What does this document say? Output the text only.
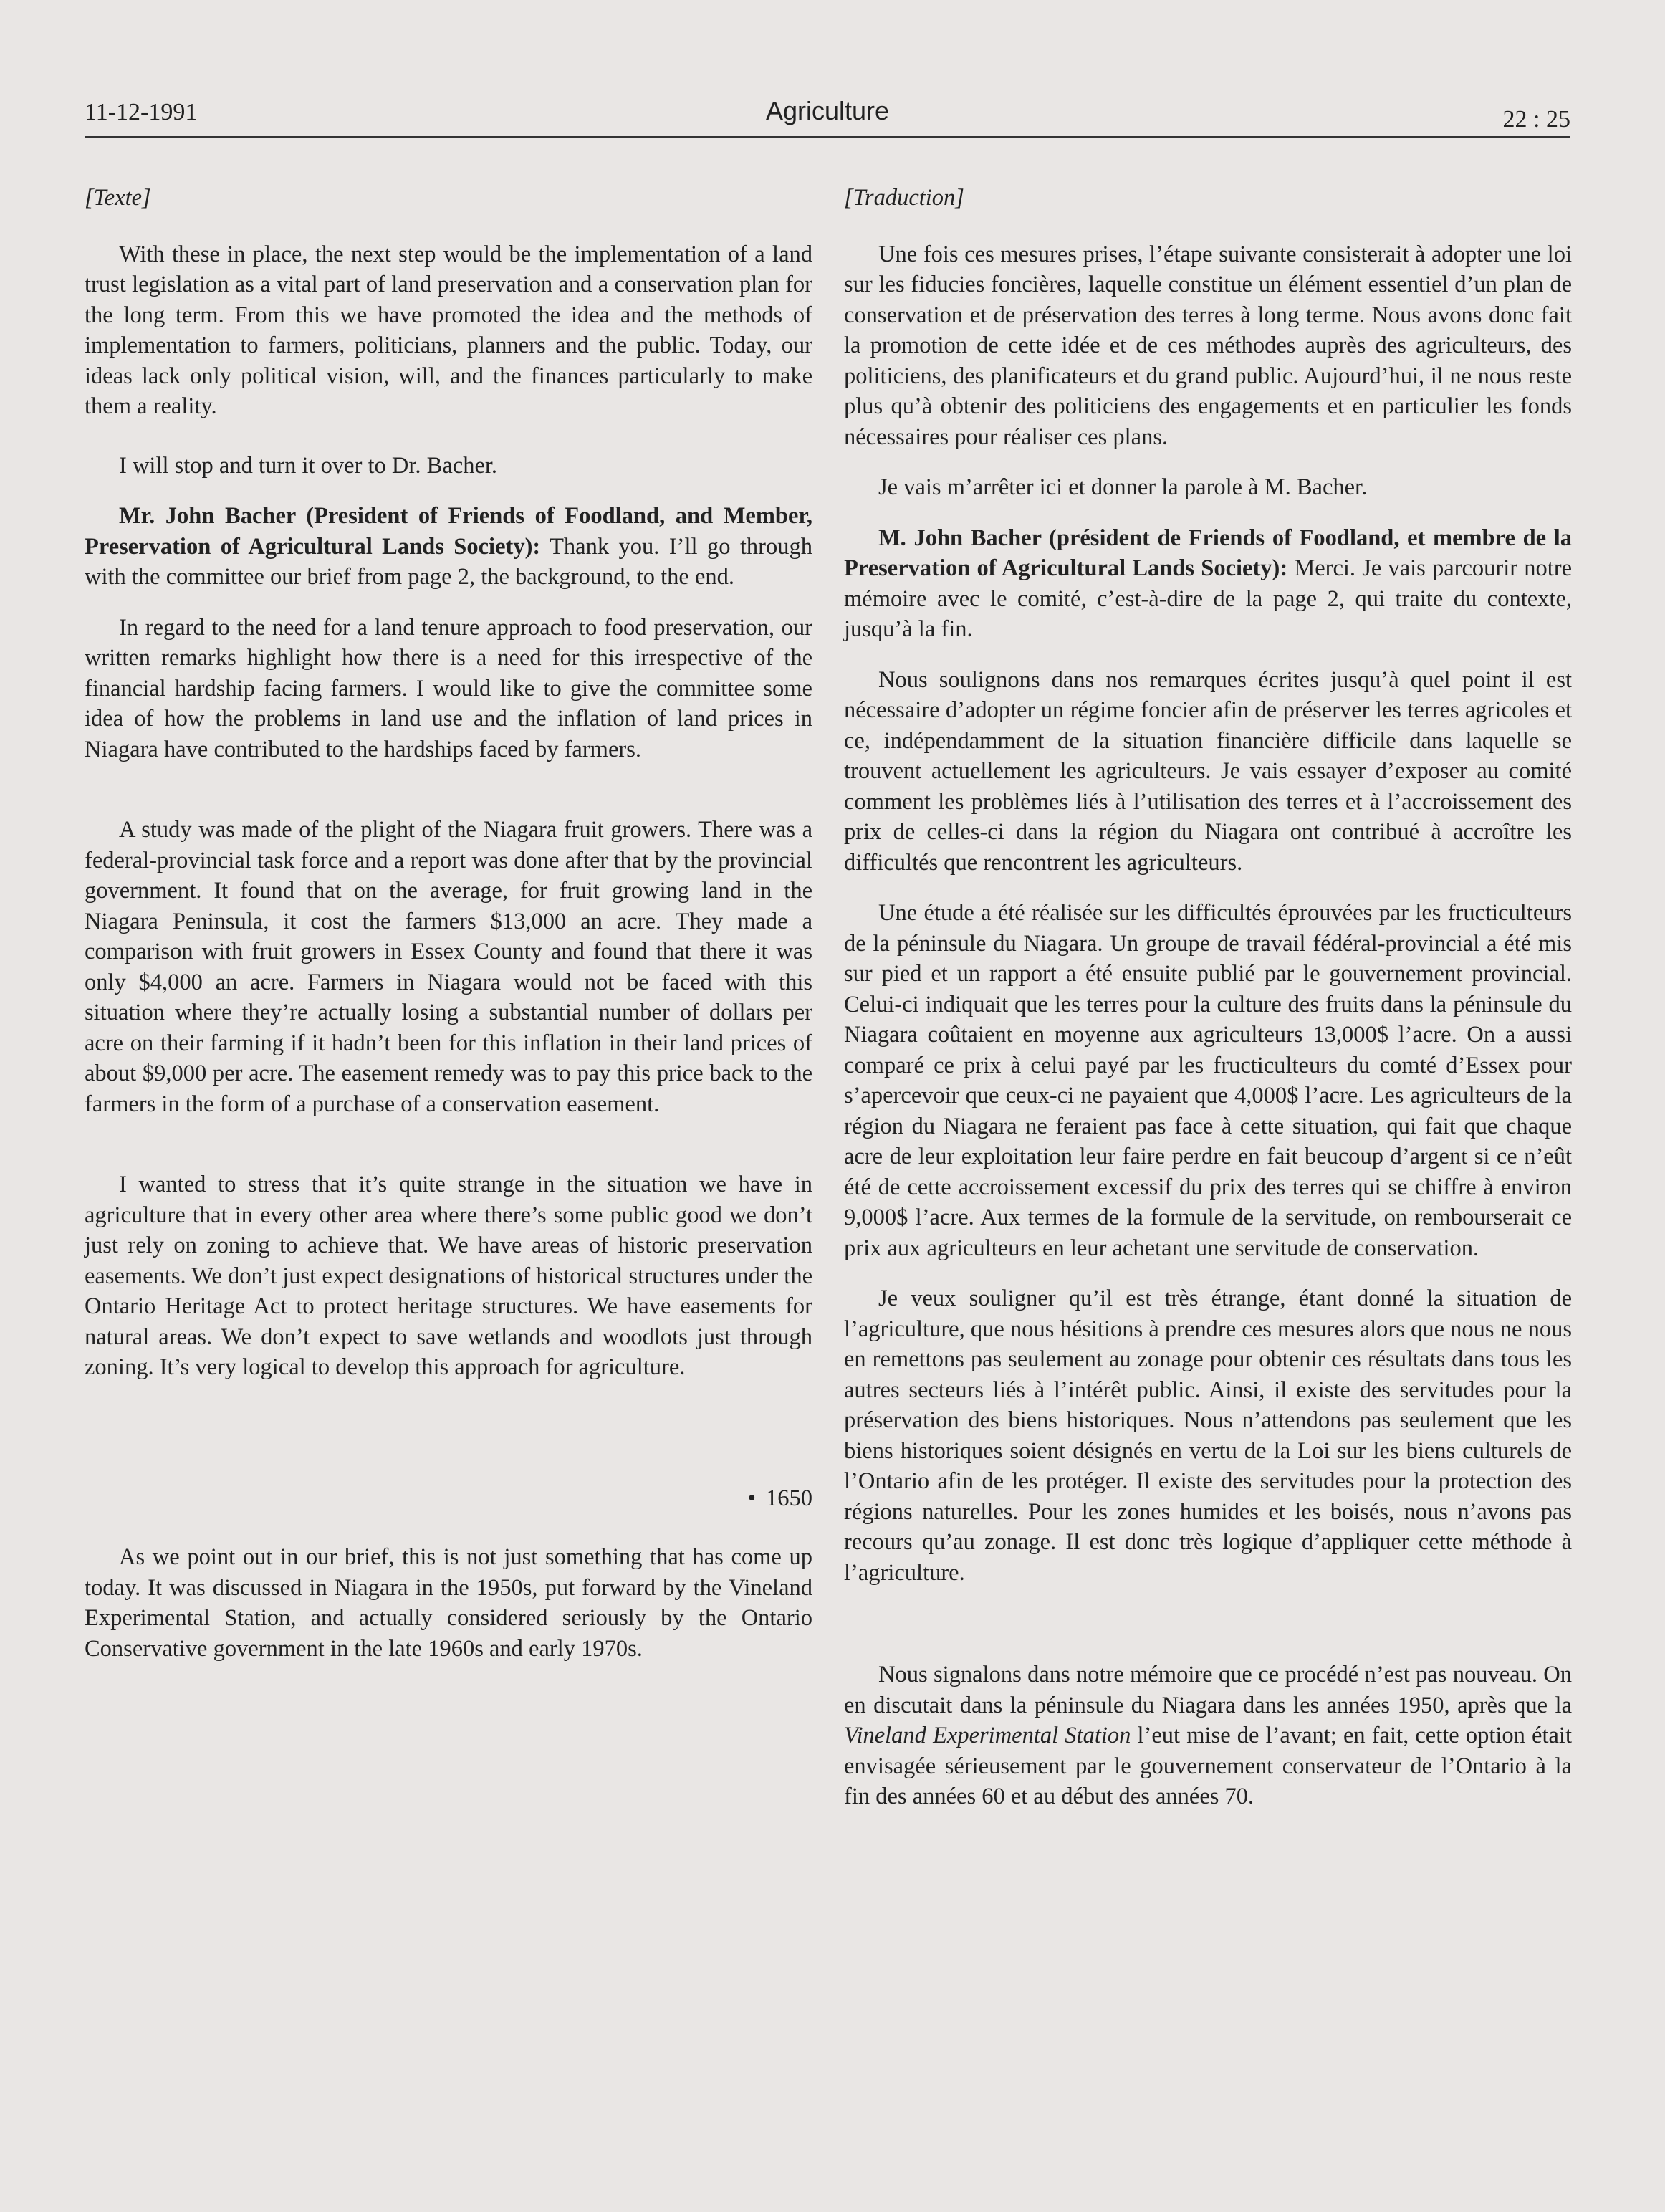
11-12-1991	Agriculture	22 : 25
[Texte]

With these in place, the next step would be the implementation of a land trust legislation as a vital part of land preservation and a conservation plan for the long term. From this we have promoted the idea and the methods of implementation to farmers, politicians, planners and the public. Today, our ideas lack only political vision, will, and the finances particularly to make them a reality.

I will stop and turn it over to Dr. Bacher.

Mr. John Bacher (President of Friends of Foodland, and Member, Preservation of Agricultural Lands Society): Thank you. I’ll go through with the committee our brief from page 2, the background, to the end.

In regard to the need for a land tenure approach to food preservation, our written remarks highlight how there is a need for this irrespective of the financial hardship facing farmers. I would like to give the committee some idea of how the problems in land use and the inflation of land prices in Niagara have contributed to the hardships faced by farmers.

A study was made of the plight of the Niagara fruit growers. There was a federal-provincial task force and a report was done after that by the provincial government. It found that on the average, for fruit growing land in the Niagara Peninsula, it cost the farmers $13,000 an acre. They made a comparison with fruit growers in Essex County and found that there it was only $4,000 an acre. Farmers in Niagara would not be faced with this situation where they’re actually losing a substantial number of dollars per acre on their farming if it hadn’t been for this inflation in their land prices of about $9,000 per acre. The easement remedy was to pay this price back to the farmers in the form of a purchase of a conservation easement.

I wanted to stress that it’s quite strange in the situation we have in agriculture that in every other area where there’s some public good we don’t just rely on zoning to achieve that. We have areas of historic preservation easements. We don’t just expect designations of historical structures under the Ontario Heritage Act to protect heritage structures. We have easements for natural areas. We don’t expect to save wetlands and woodlots just through zoning. It’s very logical to develop this approach for agriculture.

• 1650

As we point out in our brief, this is not just something that has come up today. It was discussed in Niagara in the 1950s, put forward by the Vineland Experimental Station, and actually considered seriously by the Ontario Conservative government in the late 1960s and early 1970s.

[Traduction]

Une fois ces mesures prises, l’étape suivante consisterait à adopter une loi sur les fiducies foncières, laquelle constitue un élément essentiel d’un plan de conservation et de préservation des terres à long terme. Nous avons donc fait la promotion de cette idée et de ces méthodes auprès des agriculteurs, des politiciens, des planificateurs et du grand public. Aujourd’hui, il ne nous reste plus qu’à obtenir des politiciens des engagements et en particulier les fonds nécessaires pour réaliser ces plans.

Je vais m’arrêter ici et donner la parole à M. Bacher.

M. John Bacher (président de Friends of Foodland, et membre de la Preservation of Agricultural Lands Society): Merci. Je vais parcourir notre mémoire avec le comité, c’est-à-dire de la page 2, qui traite du contexte, jusqu’à la fin.

Nous soulignons dans nos remarques écrites jusqu’à quel point il est nécessaire d’adopter un régime foncier afin de préserver les terres agricoles et ce, indépendamment de la situation financière difficile dans laquelle se trouvent actuellement les agriculteurs. Je vais essayer d’exposer au comité comment les problèmes liés à l’utilisation des terres et à l’accroissement des prix de celles-ci dans la région du Niagara ont contribué à accroître les difficultés que rencontrent les agriculteurs.

Une étude a été réalisée sur les difficultés éprouvées par les fructiculteurs de la péninsule du Niagara. Un groupe de travail fédéral-provincial a été mis sur pied et un rapport a été ensuite publié par le gouvernement provincial. Celui-ci indiquait que les terres pour la culture des fruits dans la péninsule du Niagara coûtaient en moyenne aux agriculteurs 13,000$ l’acre. On a aussi comparé ce prix à celui payé par les fructiculteurs du comté d’Essex pour s’apercevoir que ceux-ci ne payaient que 4,000$ l’acre. Les agriculteurs de la région du Niagara ne feraient pas face à cette situation, qui fait que chaque acre de leur exploitation leur faire perdre en fait beucoup d’argent si ce n’eût été de cette accroissement excessif du prix des terres qui se chiffre à environ 9,000$ l’acre. Aux termes de la formule de la servitude, on rembourserait ce prix aux agriculteurs en leur achetant une servitude de conservation.

Je veux souligner qu’il est très étrange, étant donné la situation de l’agriculture, que nous hésitions à prendre ces mesures alors que nous ne nous en remettons pas seulement au zonage pour obtenir ces résultats dans tous les autres secteurs liés à l’intérêt public. Ainsi, il existe des servitudes pour la préservation des biens historiques. Nous n’attendons pas seulement que les biens historiques soient désignés en vertu de la Loi sur les biens culturels de l’Ontario afin de les protéger. Il existe des servitudes pour la protection des régions naturelles. Pour les zones humides et les boisés, nous n’avons pas recours qu’au zonage. Il est donc très logique d’appliquer cette méthode à l’agriculture.

Nous signalons dans notre mémoire que ce procédé n’est pas nouveau. On en discutait dans la péninsule du Niagara dans les années 1950, après que la Vineland Experimental Station l’eut mise de l’avant; en fait, cette option était envisagée sérieusement par le gouvernement conservateur de l’Ontario à la fin des années 60 et au début des années 70.
